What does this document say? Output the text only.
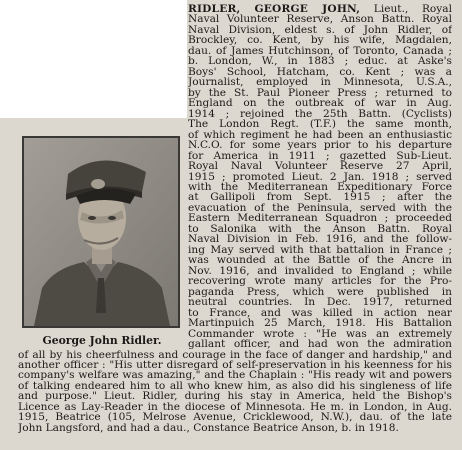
George John Ridler.
RIDLER, GEORGE JOHN, Lieut., Royal
Naval Volunteer Reserve, Anson Battn. Royal
Naval Division, eldest s. of John Ridler, of
Brockley, co. Kent, by his wife, Magdalen,
dau. of James Hutchinson, of Toronto, Canada ;
b. London, W., in 1883 ; educ. at Aske's
Boys' School, Hatcham, co. Kent ; was a
Journalist, employed in Minnesota, U.S.A.,
by the St. Paul Pioneer Press ; returned to
England on the outbreak of war in Aug.
1914 ; rejoined the 25th Battn. (Cyclists)
The London Regt. (T.F.) the same month,
of which regiment he had been an enthusiastic
N.C.O. for some years prior to his departure
for America in 1911 ; gazetted Sub-Lieut.
Royal Naval Volunteer Reserve 27 April,
1915 ; promoted Lieut. 2 Jan. 1918 ; served
with the Mediterranean Expeditionary Force
at Gallipoli from Sept. 1915 ; after the
evacuation of the Peninsula, served with the
Eastern Mediterranean Squadron ; proceeded
to Salonika with the Anson Battn. Royal
Naval Division in Feb. 1916, and the follow-
ing May served with that battalion in France ;
was wounded at the Battle of the Ancre in
Nov. 1916, and invalided to England ; while
recovering wrote many articles for the Pro-
paganda Press, which were published in
neutral countries. In Dec. 1917, returned
to France, and was killed in action near
Martinpuich 25 March, 1918. His Battalion
Commander wrote : "He was an extremely
gallant officer, and had won the admiration
of all by his cheerfulness and courage in the face of danger and hardship," and
another officer : "His utter disregard of self-preservation in his keenness for his
company's welfare was amazing," and the Chaplain : "His ready wit and powers
of talking endeared him to all who knew him, as also did his singleness of life
and purpose." Lieut. Ridler, during his stay in America, held the Bishop's
Licence as Lay-Reader in the diocese of Minnesota. He m. in London, in Aug.
1915, Beatrice (105, Melrose Avenue, Cricklewood, N.W.), dau. of the late
John Langsford, and had a dau., Constance Beatrice Anson, b. in 1918.
